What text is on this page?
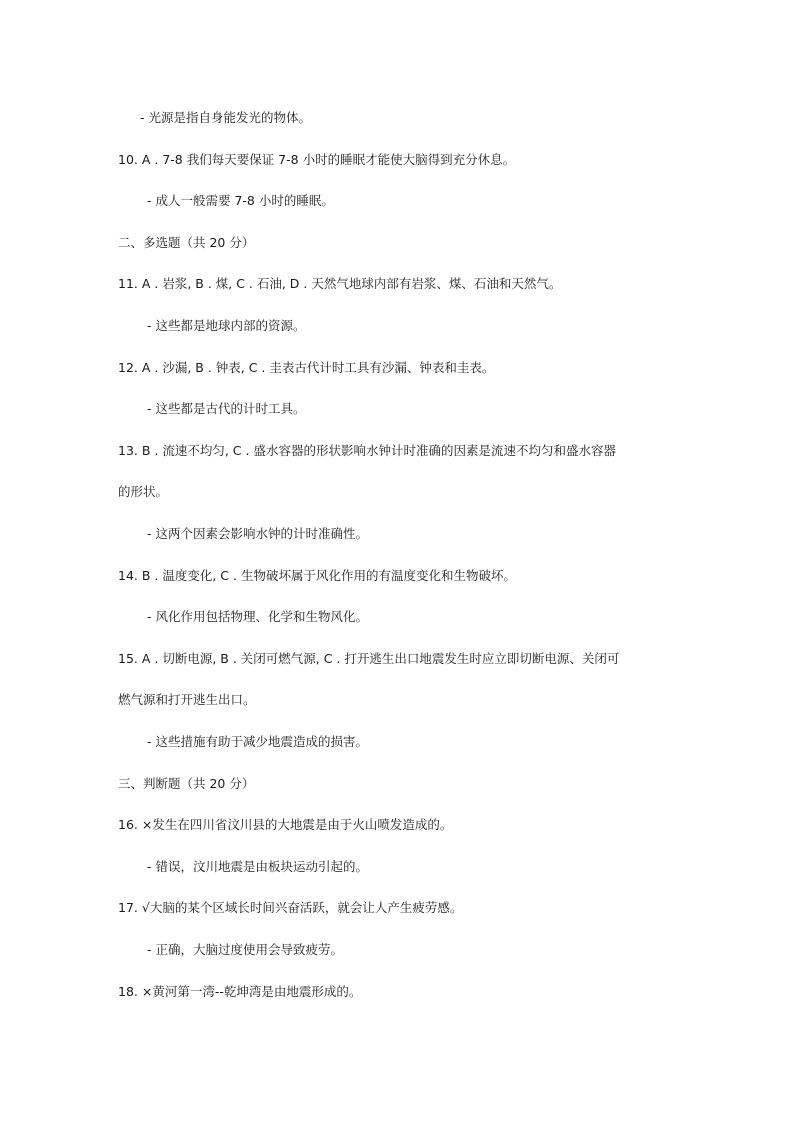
- 光源是指自身能发光的物体。
10. A . 7-8 我们每天要保证 7-8 小时的睡眠才能使大脑得到充分休息。
- 成人一般需要 7-8 小时的睡眠。
二、多选题（共 20 分）
11. A . 岩浆, B . 煤, C . 石油, D . 天然气地球内部有岩浆、煤、石油和天然气。
- 这些都是地球内部的资源。
12. A . 沙漏, B . 钟表, C . 圭表古代计时工具有沙漏、钟表和圭表。
- 这些都是古代的计时工具。
13. B . 流速不均匀, C . 盛水容器的形状影响水钟计时准确的因素是流速不均匀和盛水容器
的形状。
- 这两个因素会影响水钟的计时准确性。
14. B . 温度变化, C . 生物破坏属于风化作用的有温度变化和生物破坏。
- 风化作用包括物理、化学和生物风化。
15. A . 切断电源, B . 关闭可燃气源, C . 打开逃生出口地震发生时应立即切断电源、关闭可
燃气源和打开逃生出口。
- 这些措施有助于减少地震造成的损害。
三、判断题（共 20 分）
16. ×发生在四川省汶川县的大地震是由于火山喷发造成的。
- 错误，汶川地震是由板块运动引起的。
17. √大脑的某个区域长时间兴奋活跃，就会让人产生疲劳感。
- 正确，大脑过度使用会导致疲劳。
18. ×黄河第一湾--乾坤湾是由地震形成的。
